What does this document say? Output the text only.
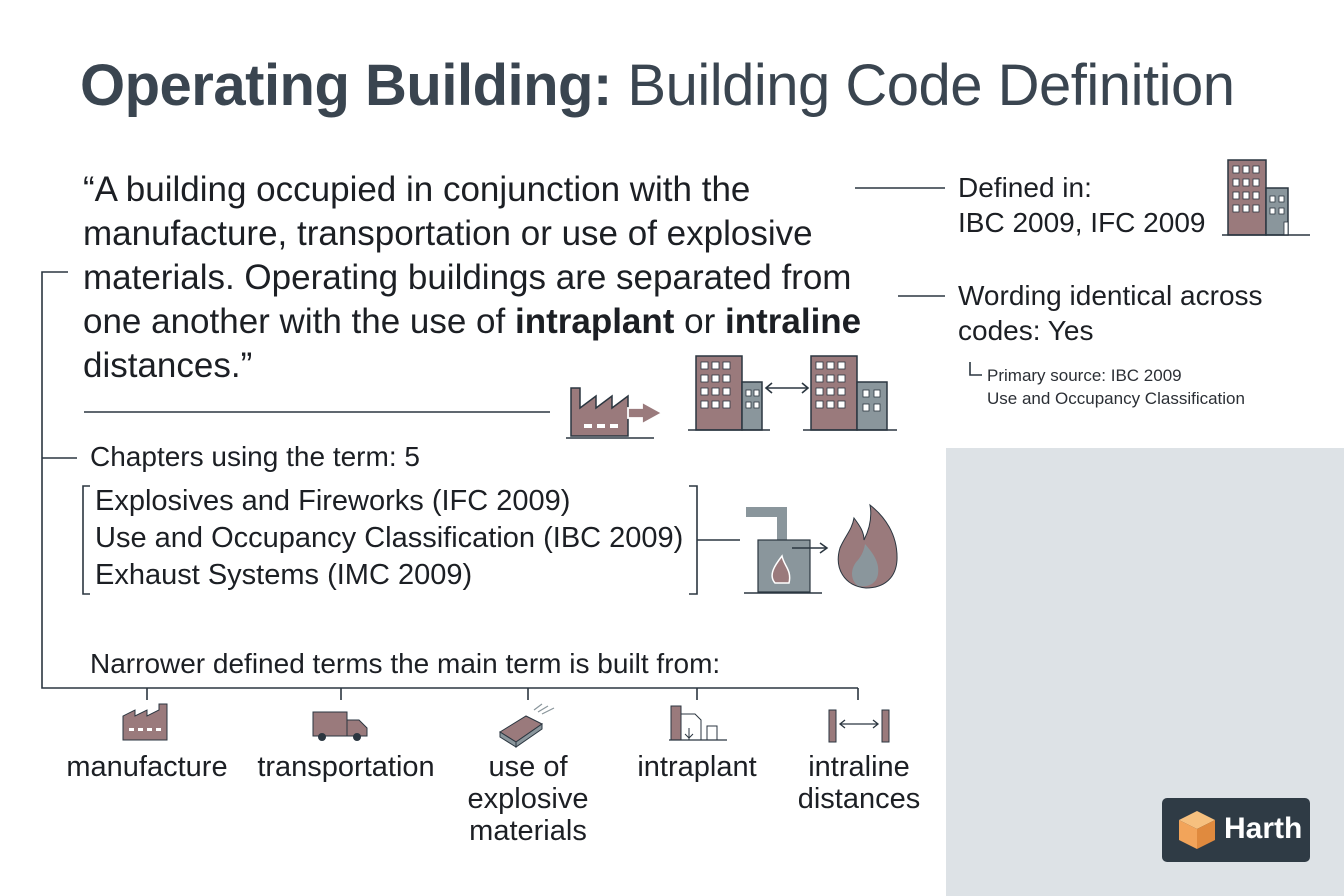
Operating Building: Building Code Definition
“A building occupied in conjunction with the manufacture, transportation or use of explosive materials. Operating buildings are separated from one another with the use of intraplant or intraline distances.”
Defined in:
IBC 2009, IFC 2009
Wording identical across
codes: Yes
Primary source: IBC 2009
Use and Occupancy Classification
Chapters using the term: 5
Explosives and Fireworks (IFC 2009)
Use and Occupancy Classification (IBC 2009)
Exhaust Systems (IMC 2009)
Narrower defined terms the main term is built from:
manufacture	transportation	use of
explosive
materials
intraplant	intraline
distances
Harth
